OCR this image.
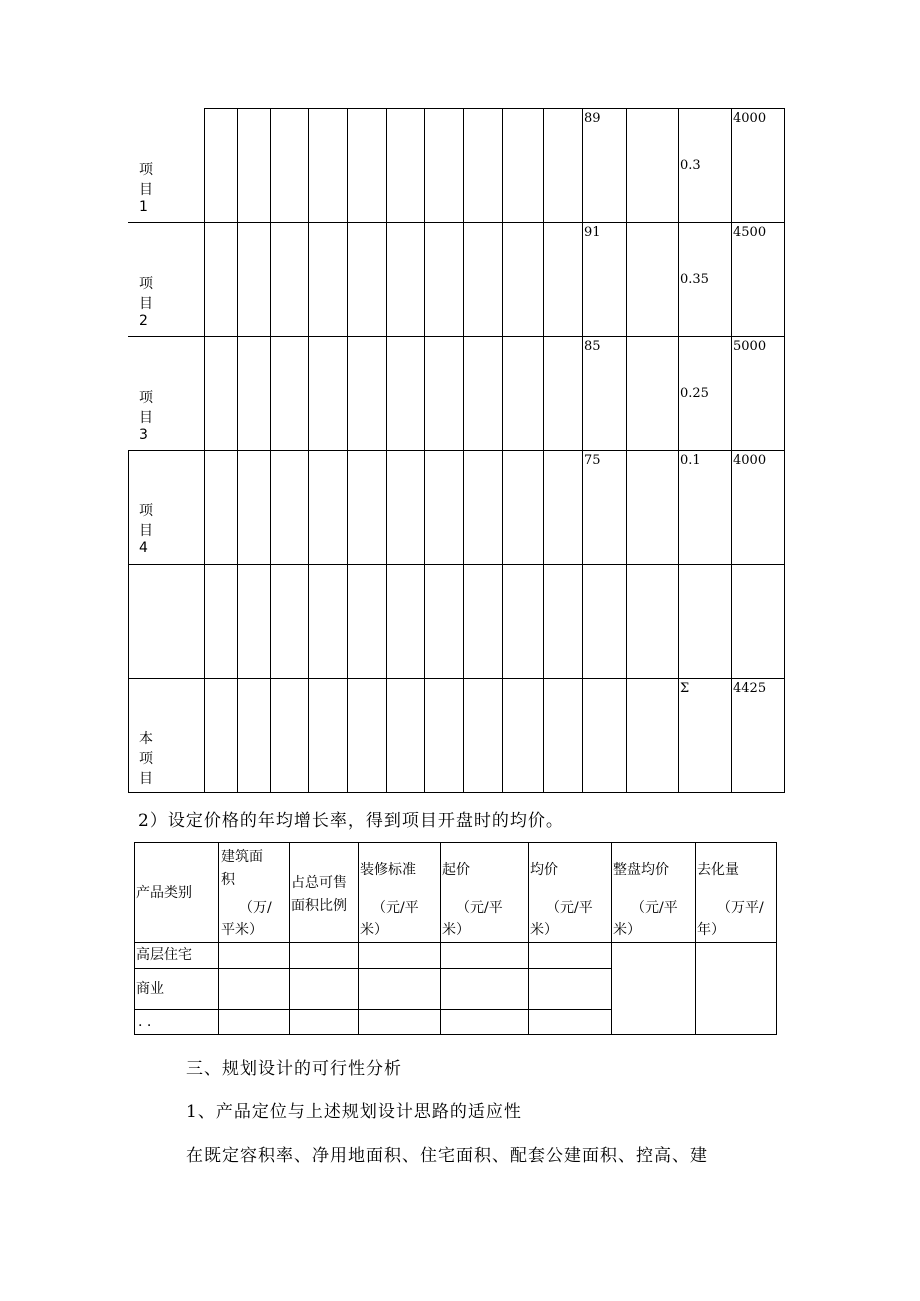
项目1
89
0.3
4000
项目2
91
0.35
4500
项目3
85
0.25
5000
项目4
75	0.1 4000
本项目
Σ	4425
2）设定价格的年均增长率，得到项目开盘时的均价。
产品类别
建筑面
积
（万/
平米）
占总可售
面积比例
装修标准
（元/平
米）
起价
（元/平
米）
均价
（元/平
米）
整盘均价
（元/平
米）
去化量
（万平/
年）
高层住宅
商业
. .
三、规划设计的可行性分析
1、产品定位与上述规划设计思路的适应性
在既定容积率、净用地面积、住宅面积、配套公建面积、控高、建
